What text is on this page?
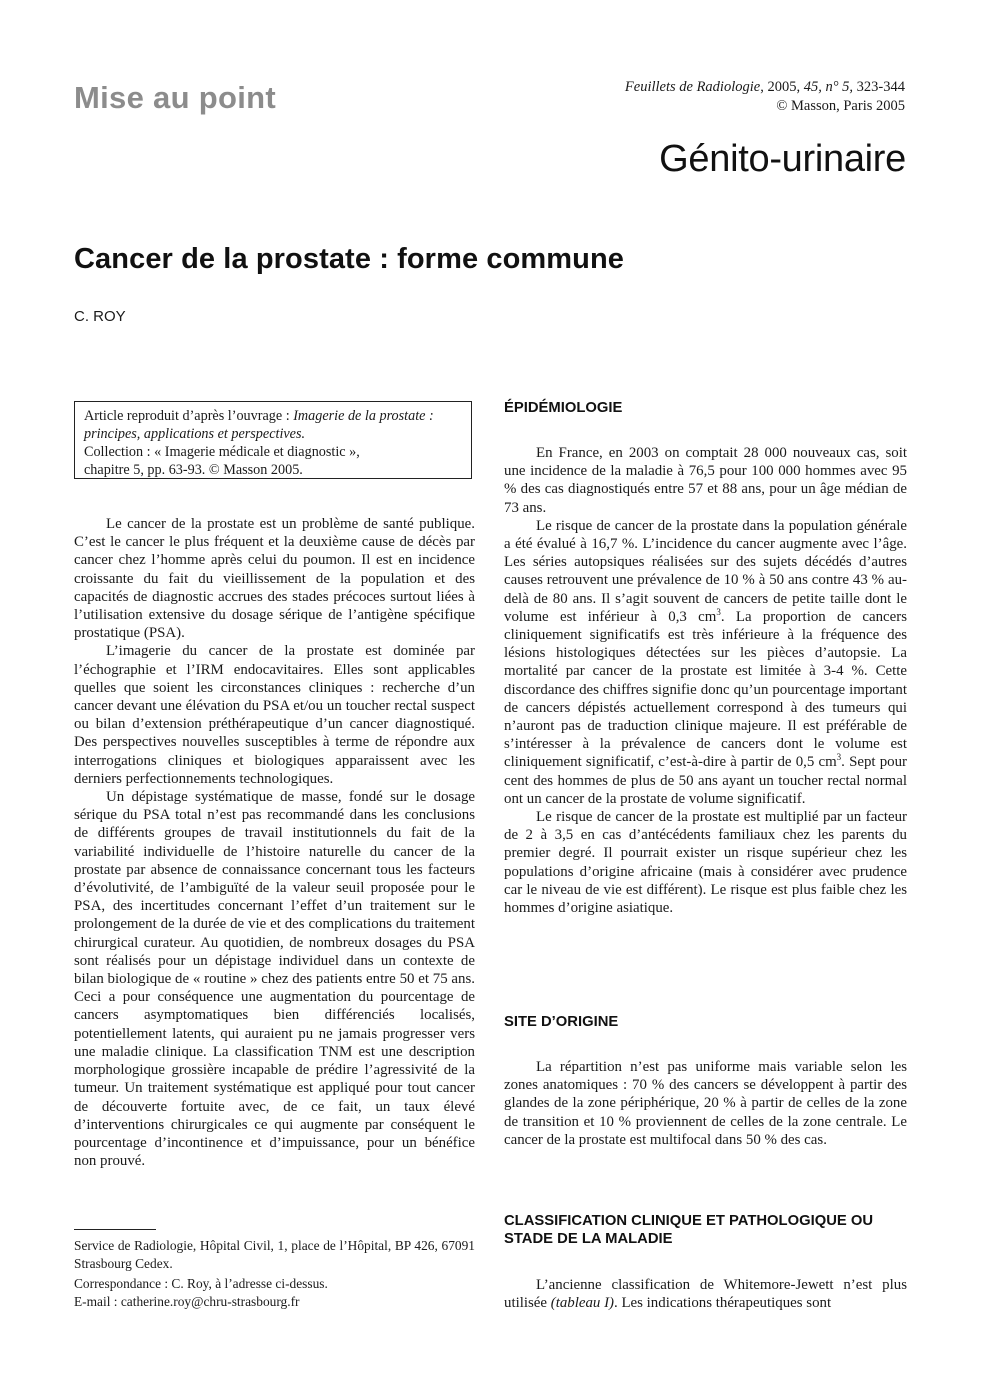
Mise au point	Feuillets de Radiologie, 2005, 45, n° 5, 323-344
© Masson, Paris 2005
Génito-urinaire
Cancer de la prostate : forme commune
C. ROY
Article reproduit d’après l’ouvrage : Imagerie de la prostate : principes, applications et perspectives.
Collection : « Imagerie médicale et diagnostic »,
chapitre 5, pp. 63-93. © Masson 2005.

Le cancer de la prostate est un problème de santé publique. C’est le cancer le plus fréquent et la deuxième cause de décès par cancer chez l’homme après celui du poumon. Il est en incidence croissante du fait du vieillissement de la population et des capacités de diagnostic accrues des stades précoces surtout liées à l’utilisation extensive du dosage sérique de l’antigène spécifique prostatique (PSA).

L’imagerie du cancer de la prostate est dominée par l’échographie et l’IRM endocavitaires. Elles sont applicables quelles que soient les circonstances cliniques : recherche d’un cancer devant une élévation du PSA et/ou un toucher rectal suspect ou bilan d’extension préthérapeutique d’un cancer diagnostiqué. Des perspectives nouvelles susceptibles à terme de répondre aux interrogations cliniques et biologiques apparaissent avec les derniers perfectionnements technologiques.

Un dépistage systématique de masse, fondé sur le dosage sérique du PSA total n’est pas recommandé dans les conclusions de différents groupes de travail institutionnels du fait de la variabilité individuelle de l’histoire naturelle du cancer de la prostate par absence de connaissance concernant tous les facteurs d’évolutivité, de l’ambiguïté de la valeur seuil proposée pour le PSA, des incertitudes concernant l’effet d’un traitement sur le prolongement de la durée de vie et des complications du traitement chirurgical curateur. Au quotidien, de nombreux dosages du PSA sont réalisés pour un dépistage individuel dans un contexte de bilan biologique de « routine » chez des patients entre 50 et 75 ans. Ceci a pour conséquence une augmentation du pourcentage de cancers asymptomatiques bien différenciés localisés, potentiellement latents, qui auraient pu ne jamais progresser vers une maladie clinique. La classification TNM est une description morphologique grossière incapable de prédire l’agressivité de la tumeur. Un traitement systématique est appliqué pour tout cancer de découverte fortuite avec, de ce fait, un taux élevé d’interventions chirurgicales ce qui augmente par conséquent le pourcentage d’incontinence et d’impuissance, pour un bénéfice non prouvé.

Service de Radiologie, Hôpital Civil, 1, place de l’Hôpital, BP 426, 67091 Strasbourg Cedex.
Correspondance : C. Roy, à l’adresse ci-dessus.
E-mail : catherine.roy@chru-strasbourg.fr
ÉPIDÉMIOLOGIE

En France, en 2003 on comptait 28 000 nouveaux cas, soit une incidence de la maladie à 76,5 pour 100 000 hommes avec 95 % des cas diagnostiqués entre 57 et 88 ans, pour un âge médian de 73 ans.

Le risque de cancer de la prostate dans la population générale a été évalué à 16,7 %. L’incidence du cancer augmente avec l’âge. Les séries autopsiques réalisées sur des sujets décédés d’autres causes retrouvent une prévalence de 10 % à 50 ans contre 43 % au-delà de 80 ans. Il s’agit souvent de cancers de petite taille dont le volume est inférieur à 0,3 $cm^3$. La proportion de cancers cliniquement significatifs est très inférieure à la fréquence des lésions histologiques détectées sur les pièces d’autopsie. La mortalité par cancer de la prostate est limitée à 3-4 %. Cette discordance des chiffres signifie donc qu’un pourcentage important de cancers dépistés actuellement correspond à des tumeurs qui n’auront pas de traduction clinique majeure. Il est préférable de s’intéresser à la prévalence de cancers dont le volume est cliniquement significatif, c’est-à-dire à partir de 0,5 $cm^3$. Sept pour cent des hommes de plus de 50 ans ayant un toucher rectal normal ont un cancer de la prostate de volume significatif.

Le risque de cancer de la prostate est multiplié par un facteur de 2 à 3,5 en cas d’antécédents familiaux chez les parents du premier degré. Il pourrait exister un risque supérieur chez les populations d’origine africaine (mais à considérer avec prudence car le niveau de vie est différent). Le risque est plus faible chez les hommes d’origine asiatique.

SITE D’ORIGINE

La répartition n’est pas uniforme mais variable selon les zones anatomiques : 70 % des cancers se développent à partir des glandes de la zone périphérique, 20 % à partir de celles de la zone de transition et 10 % proviennent de celles de la zone centrale. Le cancer de la prostate est multifocal dans 50 % des cas.

CLASSIFICATION CLINIQUE ET PATHOLOGIQUE OU STADE DE LA MALADIE

L’ancienne classification de Whitemore-Jewett n’est plus utilisée (tableau I). Les indications thérapeutiques sont
